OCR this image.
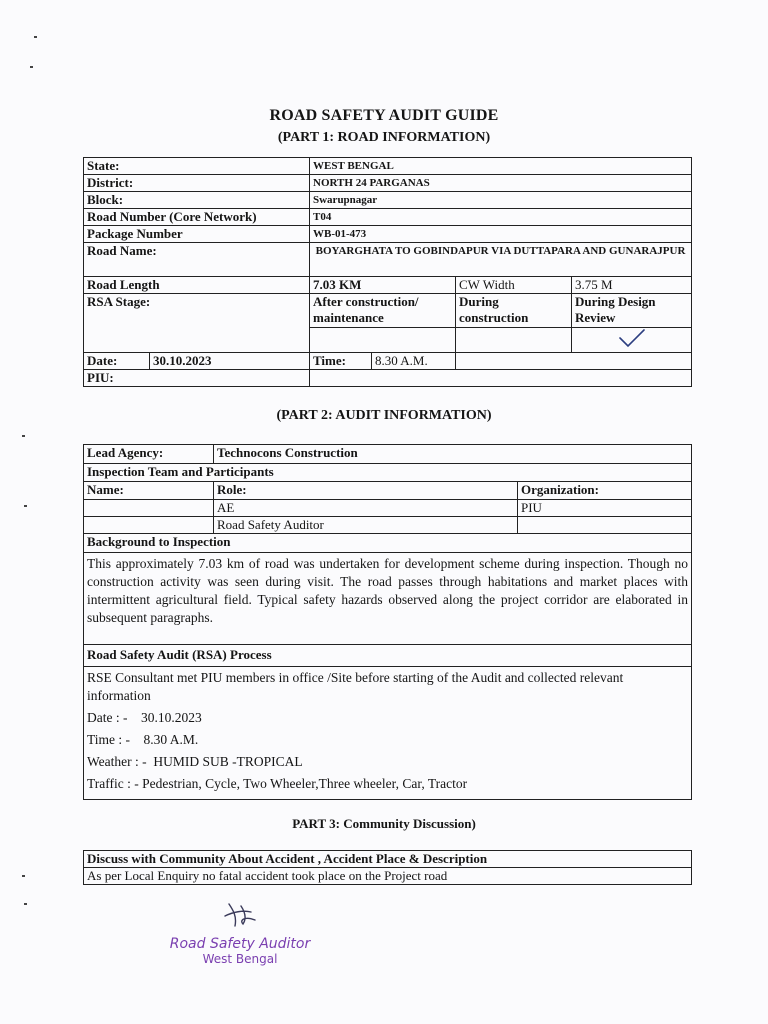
ROAD SAFETY AUDIT GUIDE
(PART 1: ROAD INFORMATION)
State:		WEST BENGAL		
District:		NORTH 24 PARGANAS		
Block:		Swarupnagar		
Road Number (Core Network)		T04		
Package Number		WB-01-473		
Road Name:		BOYARGHATA TO GOBINDAPUR VIA DUTTAPARA AND GUNARAJPUR		
Road Length		7.03 KM	CW Width	3.75 M
RSA Stage:		After construction/ maintenance	During construction	During Design Review

Date:	30.10.2023	Time: 8.30 A.M.		
PIU:				
(PART 2: AUDIT INFORMATION)
Lead Agency:	Technocons Construction	
Inspection Team and Participants		
Name:	Role:	Organization:
	AE	PIU
	Road Safety Auditor	
Background to Inspection		
This approximately 7.03 km of road was undertaken for development scheme during inspection. Though no construction activity was seen during visit. The road passes through habitations and market places with intermittent agricultural field. Typical safety hazards observed along the project corridor are elaborated in subsequent paragraphs.		
Road Safety Audit (RSA) Process		

RSE Consultant met PIU members in office /Site before starting of the Audit and collected relevant information
Date : -    30.10.2023
Time : -    8.30 A.M.
Weather : -  HUMID SUB -TROPICAL
Traffic : - Pedestrian, Cycle, Two Wheeler,Three wheeler, Car, Tractor		
PART 3: Community Discussion)
Discuss with Community About Accident , Accident Place & Description
As per Local Enquiry no fatal accident took place on the Project road
Road Safety Auditor
West Bengal
